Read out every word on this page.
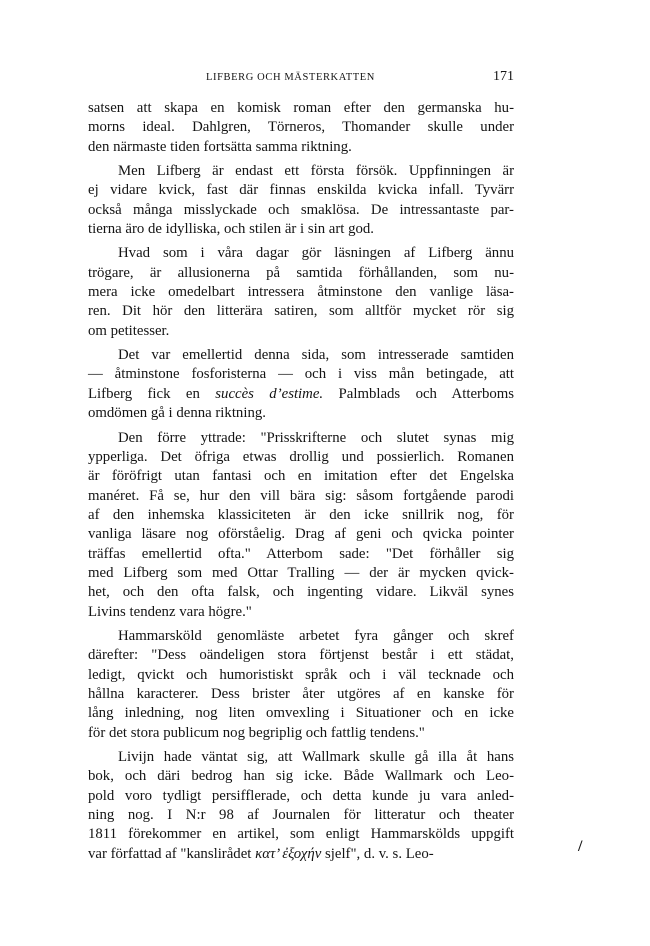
LIFBERG OCH MÄSTERKATTEN	171
satsen att skapa en komisk roman efter den germanska hu-
morns ideal. Dahlgren, Törneros, Thomander skulle under
den närmaste tiden fortsätta samma riktning.
Men Lifberg är endast ett första försök. Uppfinningen är
ej vidare kvick, fast där finnas enskilda kvicka infall. Tyvärr
också många misslyckade och smaklösa. De intressantaste par-
tierna äro de idylliska, och stilen är i sin art god.
Hvad som i våra dagar gör läsningen af Lifberg ännu
trögare, är allusionerna på samtida förhållanden, som nu-
mera icke omedelbart intressera åtminstone den vanlige läsa-
ren. Dit hör den litterära satiren, som alltför mycket rör sig
om petitesser.
Det var emellertid denna sida, som intresserade samtiden
— åtminstone fosforisterna — och i viss mån betingade, att
Lifberg fick en succès d’estime. Palmblads och Atterboms
omdömen gå i denna riktning.
Den förre yttrade: "Prisskrifterne och slutet synas mig
ypperliga. Det öfriga etwas drollig und possierlich. Romanen
är föröfrigt utan fantasi och en imitation efter det Engelska
manéret. Få se, hur den vill bära sig: såsom fortgående parodi
af den inhemska klassiciteten är den icke snillrik nog, för
vanliga läsare nog oförståelig. Drag af geni och qvicka pointer
träffas emellertid ofta." Atterbom sade: "Det förhåller sig
med Lifberg som med Ottar Tralling — der är mycken qvick-
het, och den ofta falsk, och ingenting vidare. Likväl synes
Livins tendenz vara högre."
Hammarsköld genomläste arbetet fyra gånger och skref
därefter: "Dess oändeligen stora förtjenst består i ett städat,
ledigt, qvickt och humoristiskt språk och i väl tecknade och
hållna karacterer. Dess brister åter utgöres af en kanske för
lång inledning, nog liten omvexling i Situationer och en icke
för det stora publicum nog begriplig och fattlig tendens."
Livijn hade väntat sig, att Wallmark skulle gå illa åt hans
bok, och däri bedrog han sig icke. Både Wallmark och Leo-
pold voro tydligt persifflerade, och detta kunde ju vara anled-
ning nog. I N:r 98 af Journalen för litteratur och theater
1811 förekommer en artikel, som enligt Hammarskölds uppgift
var författad af "kanslirådet κατ’ ἐξοχήν sjelf", d. v. s. Leo-	/
